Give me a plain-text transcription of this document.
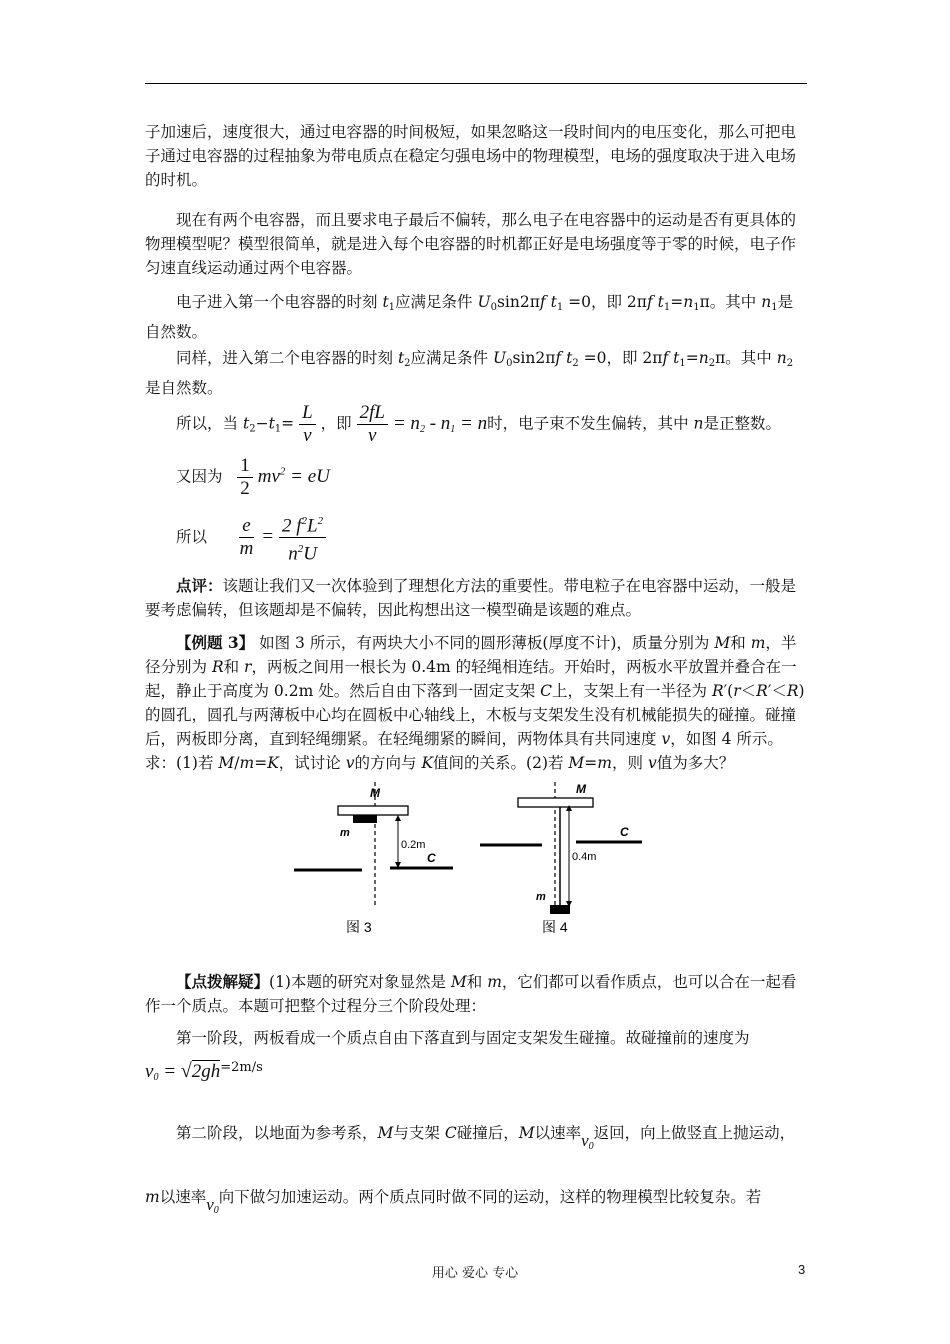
子加速后，速度很大，通过电容器的时间极短，如果忽略这一段时间内的电压变化，那么可把电子通过电容器的过程抽象为带电质点在稳定匀强电场中的物理模型，电场的强度取决于进入电场的时机。
现在有两个电容器，而且要求电子最后不偏转，那么电子在电容器中的运动是否有更具体的物理模型呢？模型很简单，就是进入每个电容器的时机都正好是电场强度等于零的时候，电子作匀速直线运动通过两个电容器。
电子进入第一个电容器的时刻 $t_1$应满足条件 $U_0\sin 2\pi f$ $t_1 =0$，即 2πf $t_1=n_1\pi$。其中 $n_1$是自然数。
同样，进入第二个电容器的时刻 $t_2$应满足条件 $U_0\sin 2\pi f$ $t_2 =0$，即 2πf $t_1=n_2\pi$。其中 $n_2$是自然数。
所以，当 $t_2-t_1= \frac{L}{v}$ ，即 $\frac{2fL}{v} = n_2 - n_1 = n$时，电子束不发生偏转，其中 n是正整数。
又因为 $\frac{1}{2} mv^2$ = eU
所以 $\frac{e}{m} = \frac{2 f^2L^2}{n^2U}$
点评：该题让我们又一次体验到了理想化方法的重要性。带电粒子在电容器中运动，一般是要考虑偏转，但该题却是不偏转，因此构想出这一模型确是该题的难点。
【例题 3】 如图 3 所示，有两块大小不同的圆形薄板(厚度不计)，质量分别为 M和 m，半径分别为 R和 r，两板之间用一根长为 0.4m 的轻绳相连结。开始时，两板水平放置并叠合在一起，静止于高度为 0.2m 处。然后自由下落到一固定支架 C上，支架上有一半径为 R′(r＜R′＜R)的圆孔，圆孔与两薄板中心均在圆板中心轴线上，木板与支架发生没有机械能损失的碰撞。碰撞后，两板即分离，直到轻绳绷紧。在轻绳绷紧的瞬间，两物体具有共同速度 v，如图 4 所示。求：(1)若 M/m=K，试讨论 v的方向与 K值间的关系。(2)若 M=m，则 v值为多大？
M
m
0.2m
C
图 3
M
0.4m
m
C
图 4
【点拨解疑】(1)本题的研究对象显然是 M和 m，它们都可以看作质点，也可以合在一起看作一个质点。本题可把整个过程分三个阶段处理：
第一阶段，两板看成一个质点自由下落直到与固定支架发生碰撞。故碰撞前的速度为
$v_0 = √2gh^{=2m/s}$
第二阶段，以地面为参考系，M与支架 C碰撞后，M以速率$v_0$返回，向上做竖直上抛运动，m以速率$v_0$向下做匀加速运动。两个质点同时做不同的运动，这样的物理模型比较复杂。若
用心 爱心 专心	3
